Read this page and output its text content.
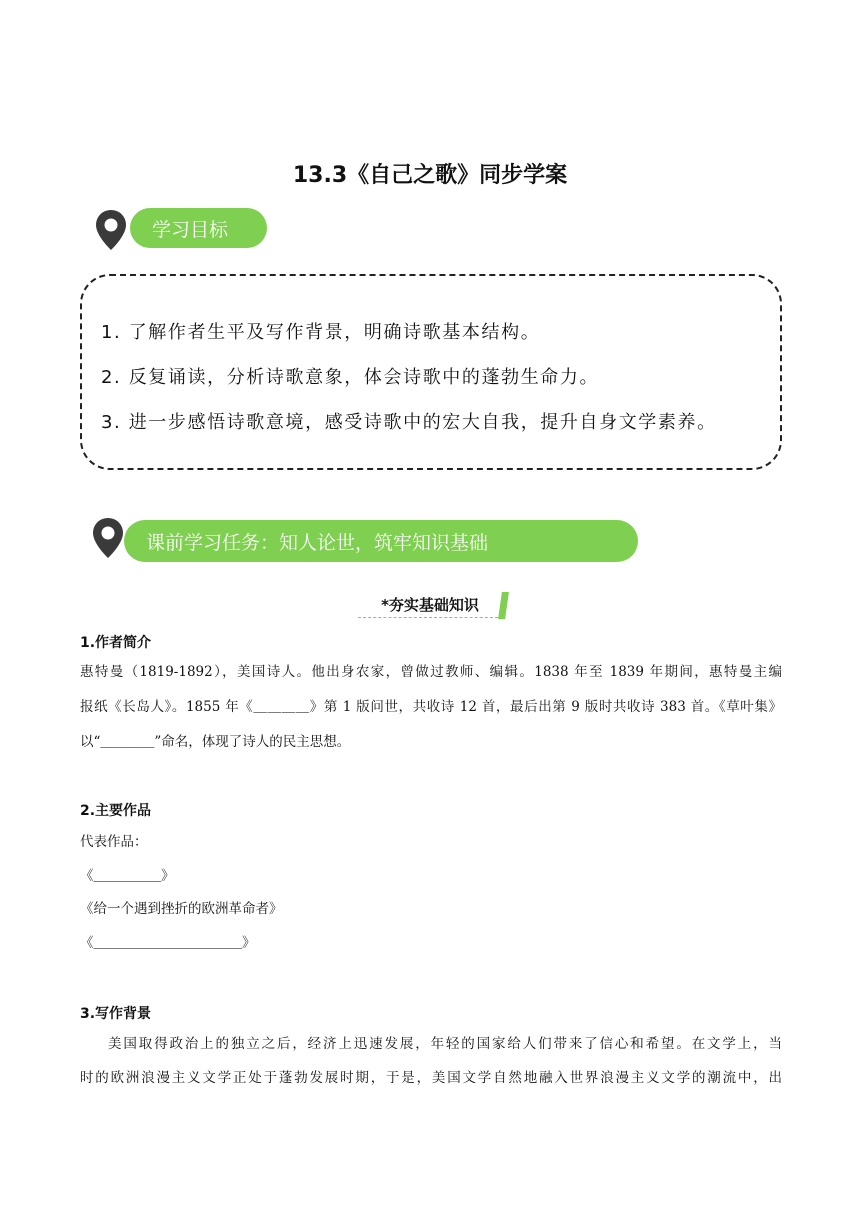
13.3《自己之歌》同步学案
学习目标
1. 了解作者生平及写作背景，明确诗歌基本结构。
2. 反复诵读，分析诗歌意象，体会诗歌中的蓬勃生命力。
3. 进一步感悟诗歌意境，感受诗歌中的宏大自我，提升自身文学素养。
课前学习任务：知人论世，筑牢知识基础
*夯实基础知识
1.作者简介
惠特曼（1819-1892），美国诗人。他出身农家，曾做过教师、编辑。1838 年至 1839 年期间，惠特曼主编
报纸《长岛人》。1855 年《＿＿＿＿》第 1 版问世，共收诗 12 首，最后出第 9 版时共收诗 383 首。《草叶集》
以“＿＿＿＿”命名，体现了诗人的民主思想。
2.主要作品
代表作品：
《＿＿＿＿＿》
《给一个遇到挫折的欧洲革命者》
《＿＿＿＿＿＿＿＿＿＿＿》
3.写作背景
美国取得政治上的独立之后，经济上迅速发展，年轻的国家给人们带来了信心和希望。在文学上，当
时的欧洲浪漫主义文学正处于蓬勃发展时期，于是，美国文学自然地融入世界浪漫主义文学的潮流中，出
